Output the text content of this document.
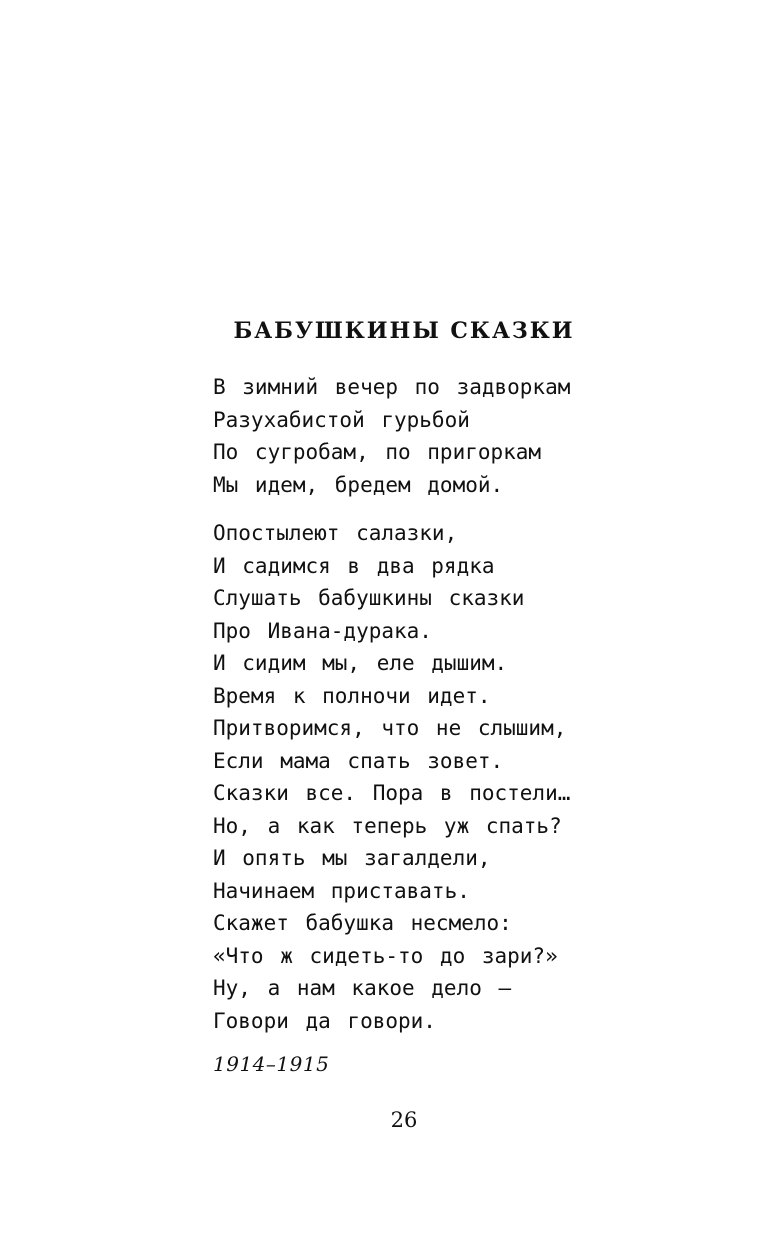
БАБУШКИНЫ СКАЗКИ

В зимний вечер по задворкам
Разухабистой гурьбой
По сугробам, по пригоркам
Мы идем, бредем домой.

Опостылеют салазки,
И садимся в два рядка
Слушать бабушкины сказки
Про Ивана-дурака.
И сидим мы, еле дышим.
Время к полночи идет.
Притворимся, что не слышим,
Если мама спать зовет.
Сказки все. Пора в постели…
Но, а как теперь уж спать?
И опять мы загалдели,
Начинаем приставать.
Скажет бабушка несмело:
«Что ж сидеть-то до зари?»
Ну, а нам какое дело –
Говори да говори.

1914–1915
26
